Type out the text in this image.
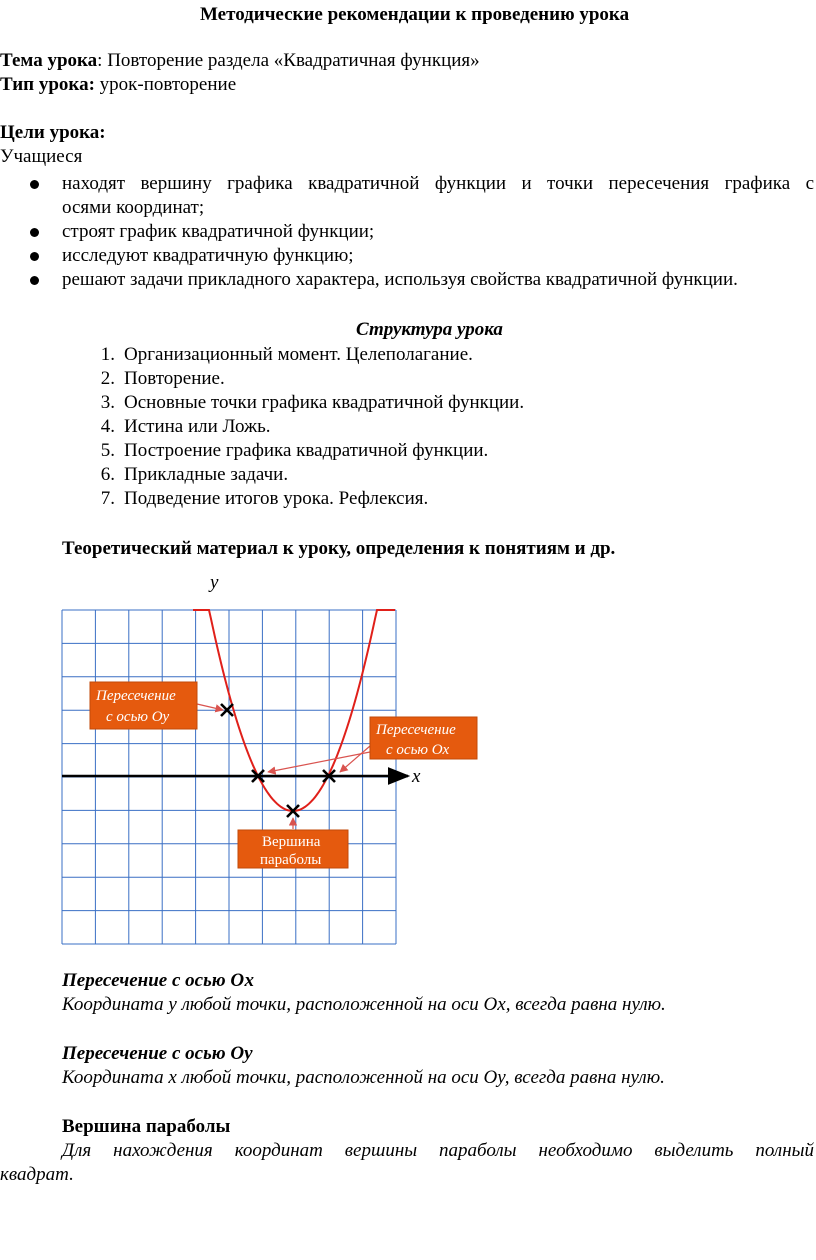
Методические рекомендации к проведению урока
Тема урока: Повторение раздела «Квадратичная функция»
Тип урока: урок-повторение
Цели урока:
Учащиеся
находят вершину графика квадратичной функции и точки пересечения графика с
осями координат;
строят график квадратичной функции;
исследуют квадратичную функцию;
решают задачи прикладного характера, используя свойства квадратичной функции.
Структура урока
1. Организационный момент. Целеполагание.
2. Повторение.
3. Основные точки графика квадратичной функции.
4. Истина или Ложь.
5. Построение графика квадратичной функции.
6. Прикладные задачи.
7. Подведение итогов урока. Рефлексия.
Теоретический материал к уроку, определения к понятиям и др.
x
y
Пересечение
с осью Оу
Пересечение
с осью Ох
Вершина
параболы
Пересечение с осью Ох
Координата у любой точки, расположенной на оси Ох, всегда равна нулю.
Пересечение с осью Оу
Координата х любой точки, расположенной на оси Оу, всегда равна нулю.
Вершина параболы
Для нахождения координат вершины параболы необходимо выделить полный
квадрат.
